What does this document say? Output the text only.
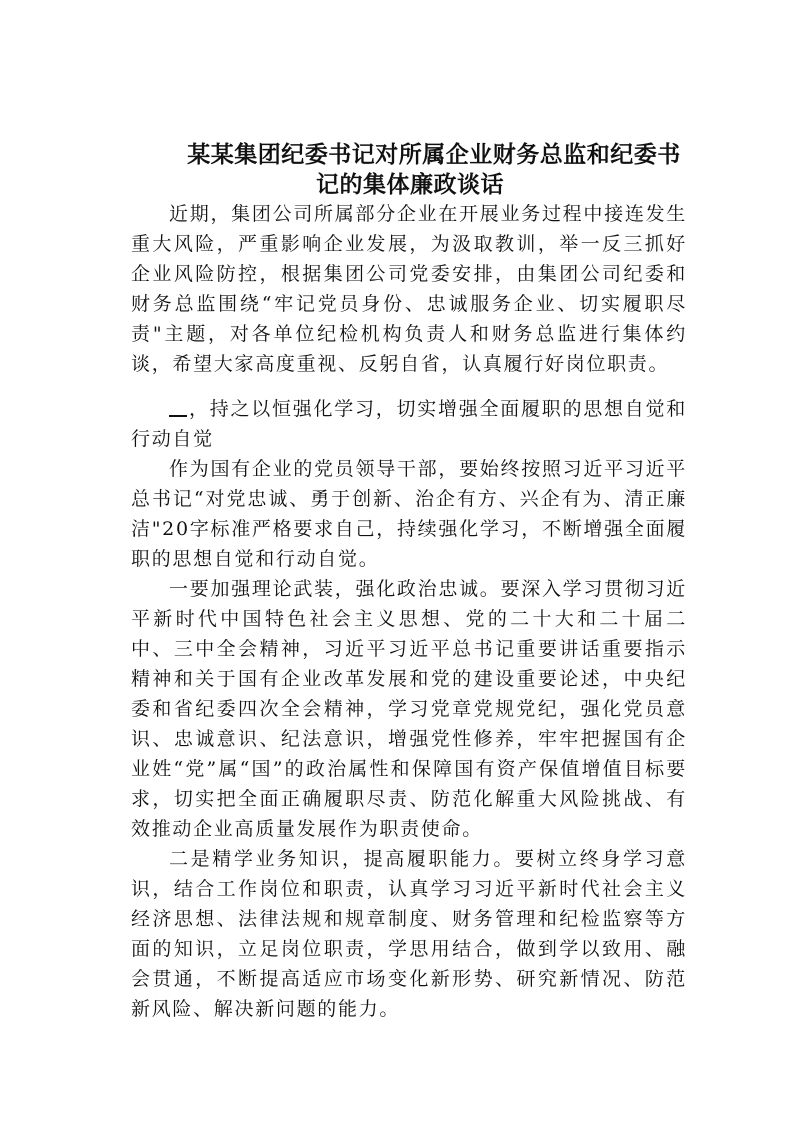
某某集团纪委书记对所属企业财务总监和纪委书
记的集体廉政谈话

近期，集团公司所属部分企业在开展业务过程中接连发生重大风险，严重影响企业发展，为汲取教训，举一反三抓好企业风险防控，根据集团公司党委安排，由集团公司纪委和财务总监围绕“牢记党员身份、忠诚服务企业、切实履职尽责"主题，对各单位纪检机构负责人和财务总监进行集体约谈，希望大家高度重视、反躬自省，认真履行好岗位职责。

，持之以恒强化学习，切实增强全面履职的思想自觉和行动自觉

作为国有企业的党员领导干部，要始终按照习近平习近平总书记“对党忠诚、勇于创新、治企有方、兴企有为、清正廉洁"20字标准严格要求自己，持续强化学习，不断增强全面履职的思想自觉和行动自觉。

一要加强理论武装，强化政治忠诚。要深入学习贯彻习近平新时代中国特色社会主义思想、党的二十大和二十届二中、三中全会精神，习近平习近平总书记重要讲话重要指示精神和关于国有企业改革发展和党的建设重要论述，中央纪委和省纪委四次全会精神，学习党章党规党纪，强化党员意识、忠诚意识、纪法意识，增强党性修养，牢牢把握国有企业姓“党”属“国”的政治属性和保障国有资产保值增值目标要求，切实把全面正确履职尽责、防范化解重大风险挑战、有效推动企业高质量发展作为职责使命。

二是精学业务知识，提高履职能力。要树立终身学习意识，结合工作岗位和职责，认真学习习近平新时代社会主义经济思想、法律法规和规章制度、财务管理和纪检监察等方面的知识，立足岗位职责，学思用结合，做到学以致用、融会贯通，不断提高适应市场变化新形势、研究新情况、防范新风险、解决新问题的能力。
